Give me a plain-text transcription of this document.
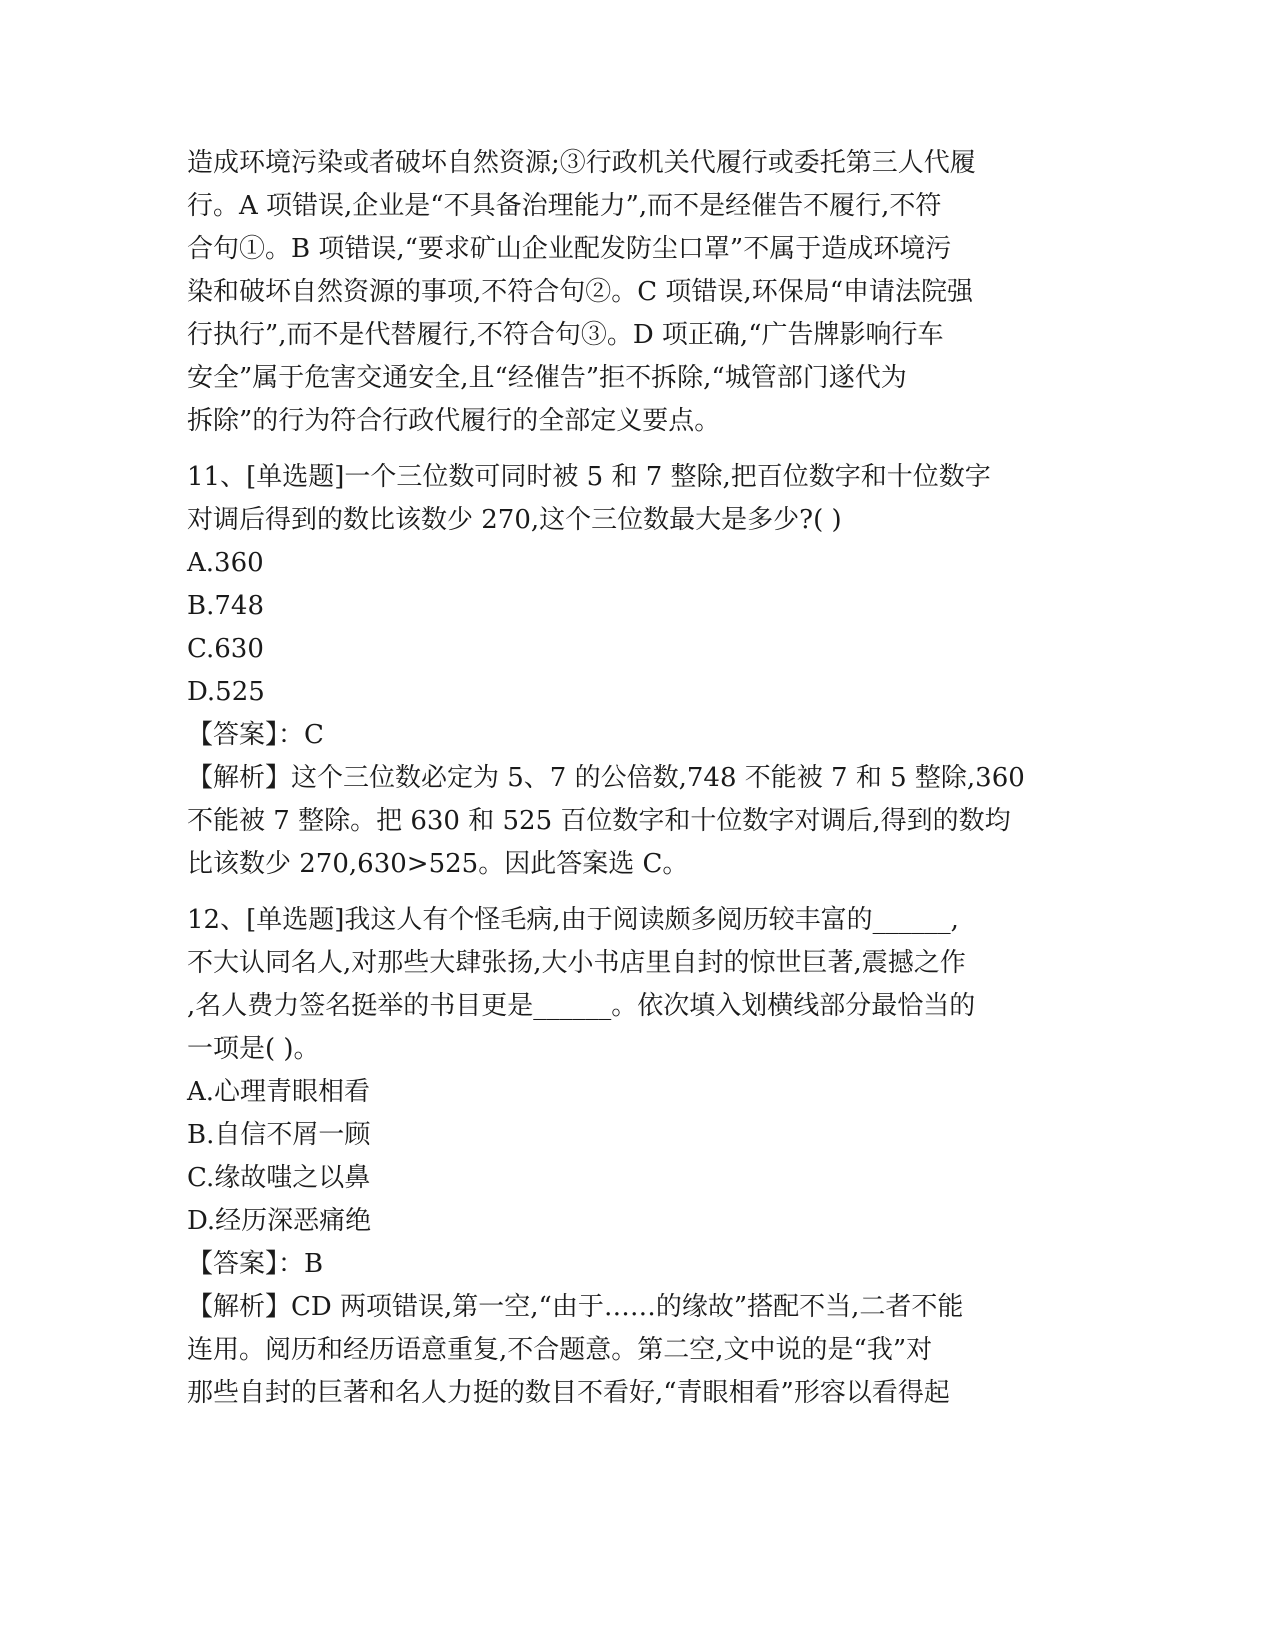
造成环境污染或者破坏自然资源;③行政机关代履行或委托第三人代履
行。A 项错误,企业是“不具备治理能力”,而不是经催告不履行,不符
合句①。B 项错误,“要求矿山企业配发防尘口罩”不属于造成环境污
染和破坏自然资源的事项,不符合句②。C 项错误,环保局“申请法院强
行执行”,而不是代替履行,不符合句③。D 项正确,“广告牌影响行车
安全”属于危害交通安全,且“经催告”拒不拆除,“城管部门遂代为
拆除”的行为符合行政代履行的全部定义要点。
11、[单选题]一个三位数可同时被 5 和 7 整除,把百位数字和十位数字
对调后得到的数比该数少 270,这个三位数最大是多少?( )
A.360
B.748
C.630
D.525
【答案】：C
【解析】这个三位数必定为 5、7 的公倍数,748 不能被 7 和 5 整除,360
不能被 7 整除。把 630 和 525 百位数字和十位数字对调后,得到的数均
比该数少 270,630>525。因此答案选 C。
12、[单选题]我这人有个怪毛病,由于阅读颇多阅历较丰富的______,
不大认同名人,对那些大肆张扬,大小书店里自封的惊世巨著,震撼之作
,名人费力签名挺举的书目更是______。依次填入划横线部分最恰当的
一项是( )。
A.心理青眼相看
B.自信不屑一顾
C.缘故嗤之以鼻
D.经历深恶痛绝
【答案】：B
【解析】CD 两项错误,第一空,“由于……的缘故”搭配不当,二者不能
连用。阅历和经历语意重复,不合题意。第二空,文中说的是“我”对
那些自封的巨著和名人力挺的数目不看好,“青眼相看”形容以看得起
